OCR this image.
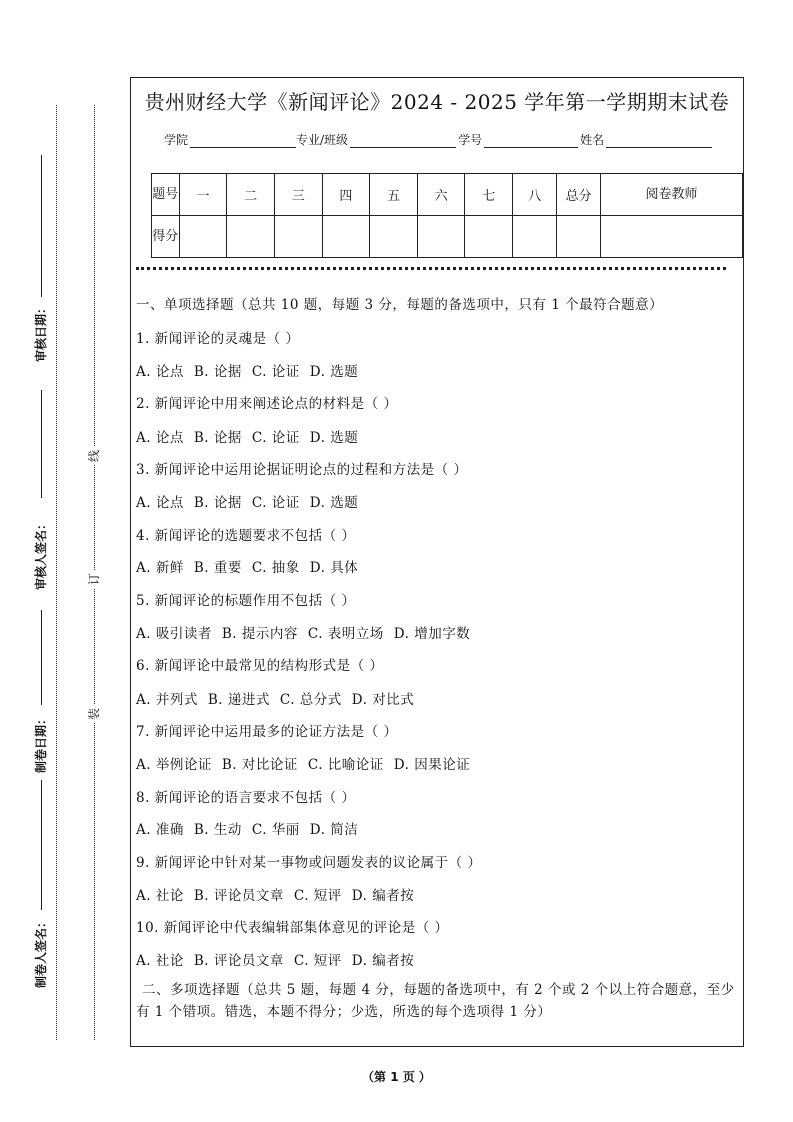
审核日期：
审核人签名：
制卷日期：
制卷人签名：
线
订
装
贵州财经大学《新闻评论》2024 - 2025 学年第一学期期末试卷
学院	专业/班级	学号	姓名
题号	一	二	三	四	五	六	七	八	总分	阅卷教师
得分										
一、单项选择题（总共 10 题，每题 3 分，每题的备选项中，只有 1 个最符合题意）
1. 新闻评论的灵魂是（ ）
A. 论点 B. 论据 C. 论证 D. 选题
2. 新闻评论中用来阐述论点的材料是（ ）
A. 论点 B. 论据 C. 论证 D. 选题
3. 新闻评论中运用论据证明论点的过程和方法是（ ）
A. 论点 B. 论据 C. 论证 D. 选题
4. 新闻评论的选题要求不包括（ ）
A. 新鲜 B. 重要 C. 抽象 D. 具体
5. 新闻评论的标题作用不包括（ ）
A. 吸引读者 B. 提示内容 C. 表明立场 D. 增加字数
6. 新闻评论中最常见的结构形式是（ ）
A. 并列式 B. 递进式 C. 总分式 D. 对比式
7. 新闻评论中运用最多的论证方法是（ ）
A. 举例论证 B. 对比论证 C. 比喻论证 D. 因果论证
8. 新闻评论的语言要求不包括（ ）
A. 准确 B. 生动 C. 华丽 D. 简洁
9. 新闻评论中针对某一事物或问题发表的议论属于（ ）
A. 社论 B. 评论员文章 C. 短评 D. 编者按
10. 新闻评论中代表编辑部集体意见的评论是（ ）
A. 社论 B. 评论员文章 C. 短评 D. 编者按
二、多项选择题（总共 5 题，每题 4 分，每题的备选项中，有 2 个或 2 个以上符合题意，至少有 1 个错项。错选，本题不得分；少选，所选的每个选项得 1 分）
（第 1 页 ）
